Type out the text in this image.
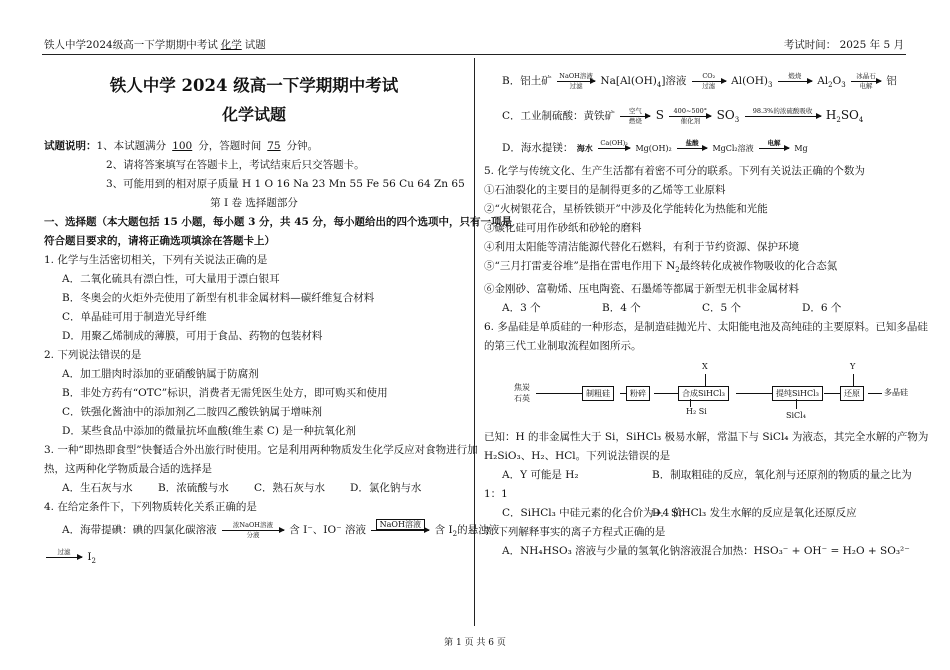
铁人中学2024级高一下学期期中考试 化学 试题	考试时间： 2025 年 5 月
铁人中学 2024 级高一下学期期中考试
化学试题
试题说明：1、本试题满分 100 分，答题时间 75 分钟。
2、请将答案填写在答题卡上，考试结束后只交答题卡。
3、可能用到的相对原子质量 H 1 O 16 Na 23 Mn 55 Fe 56 Cu 64 Zn 65
第 Ⅰ 卷 选择题部分
一、选择题（本大题包括 15 小题，每小题 3 分，共 45 分，每小题给出的四个选项中，只有一项是
符合题目要求的，请将正确选项填涂在答题卡上）
1. 化学与生活密切相关，下列有关说法正确的是
A．二氧化硫具有漂白性，可大量用于漂白银耳
B．冬奥会的火炬外壳使用了新型有机非金属材料—碳纤维复合材料
C．单晶硅可用于制造光导纤维
D．用聚乙烯制成的薄膜，可用于食品、药物的包装材料
2. 下列说法错误的是
A．加工腊肉时添加的亚硝酸钠属于防腐剂
B．非处方药有“OTC”标识，消费者无需凭医生处方，即可购买和使用
C．铁强化酱油中的添加剂乙二胺四乙酸铁钠属于增味剂
D．某些食品中添加的微量抗坏血酸(维生素 C) 是一种抗氧化剂
3. 一种“即热即食型”快餐适合外出旅行时使用。它是利用两种物质发生化学反应对食物进行加
热，这两种化学物质最合适的选择是
A．生石灰与水	B．浓硫酸与水	C．熟石灰与水	D．氯化钠与水
4. 在给定条件下，下列物质转化关系正确的是
A．海带提碘：碘的四氯化碳溶液	浓NaOH溶液
分液	含 I⁻、IO⁻ 溶液	NaOH溶液	含 $I_2$的悬浊液
过滤	$I_2$
B．铝土矿	NaOH溶液
过滤	$Na[Al(OH)_4]$溶液	CO₂
过滤	$Al(OH)_3$
煅烧	$Al_2O_3$
冰晶石
电解	铝
C．工业制硫酸：黄铁矿	空气
燃烧	S	400~500°
催化剂	$SO_3$
98.3%的浓硫酸吸收	$H_2SO_4$
D．海水提镁： 海水
Ca(OH)₂
Mg(OH)₂
盐酸
MgCl₂溶液
电解
Mg
5. 化学与传统文化、生产生活都有着密不可分的联系。下列有关说法正确的个数为
①石油裂化的主要目的是制得更多的乙烯等工业原料
②“火树银花合，星桥铁锁开”中涉及化学能转化为热能和光能
③碳化硅可用作砂纸和砂轮的磨料
④利用太阳能等清洁能源代替化石燃料，有利于节约资源、保护环境
⑤“三月打雷麦谷堆”是指在雷电作用下 $N_2$最终转化成被作物吸收的化合态氮
⑥金刚砂、富勒烯、压电陶瓷、石墨烯等都属于新型无机非金属材料
A．3 个	B．4 个	C．5 个	D．6 个
6. 多晶硅是单质硅的一种形态，是制造硅抛光片、太阳能电池及高纯硅的主要原料。已知多晶硅
的第三代工业制取流程如图所示。
焦炭
石英
制粗硅	粉碎	合成SiHCl₃
X
提纯SiHCl₃	还原
Y
多晶硅
H₂ Si	SiCl₄
已知：H 的非金属性大于 Si，SiHCl₃ 极易水解，常温下与 SiCl₄ 为液态，其完全水解的产物为
H₂SiO₃、H₂、HCl。下列说法错误的是
A．Y 可能是 H₂	B．制取粗硅的反应，氧化剂与还原剂的物质的量之比为
1：1
C．SiHCl₃ 中硅元素的化合价为+4 价
D．SiHCl₃ 发生水解的反应是氧化还原反应
7. 下列解释事实的离子方程式正确的是
A．NH₄HSO₃ 溶液与少量的氢氧化钠溶液混合加热：HSO₃⁻ + OH⁻ = H₂O + SO₃²⁻
第 1 页 共 6 页
